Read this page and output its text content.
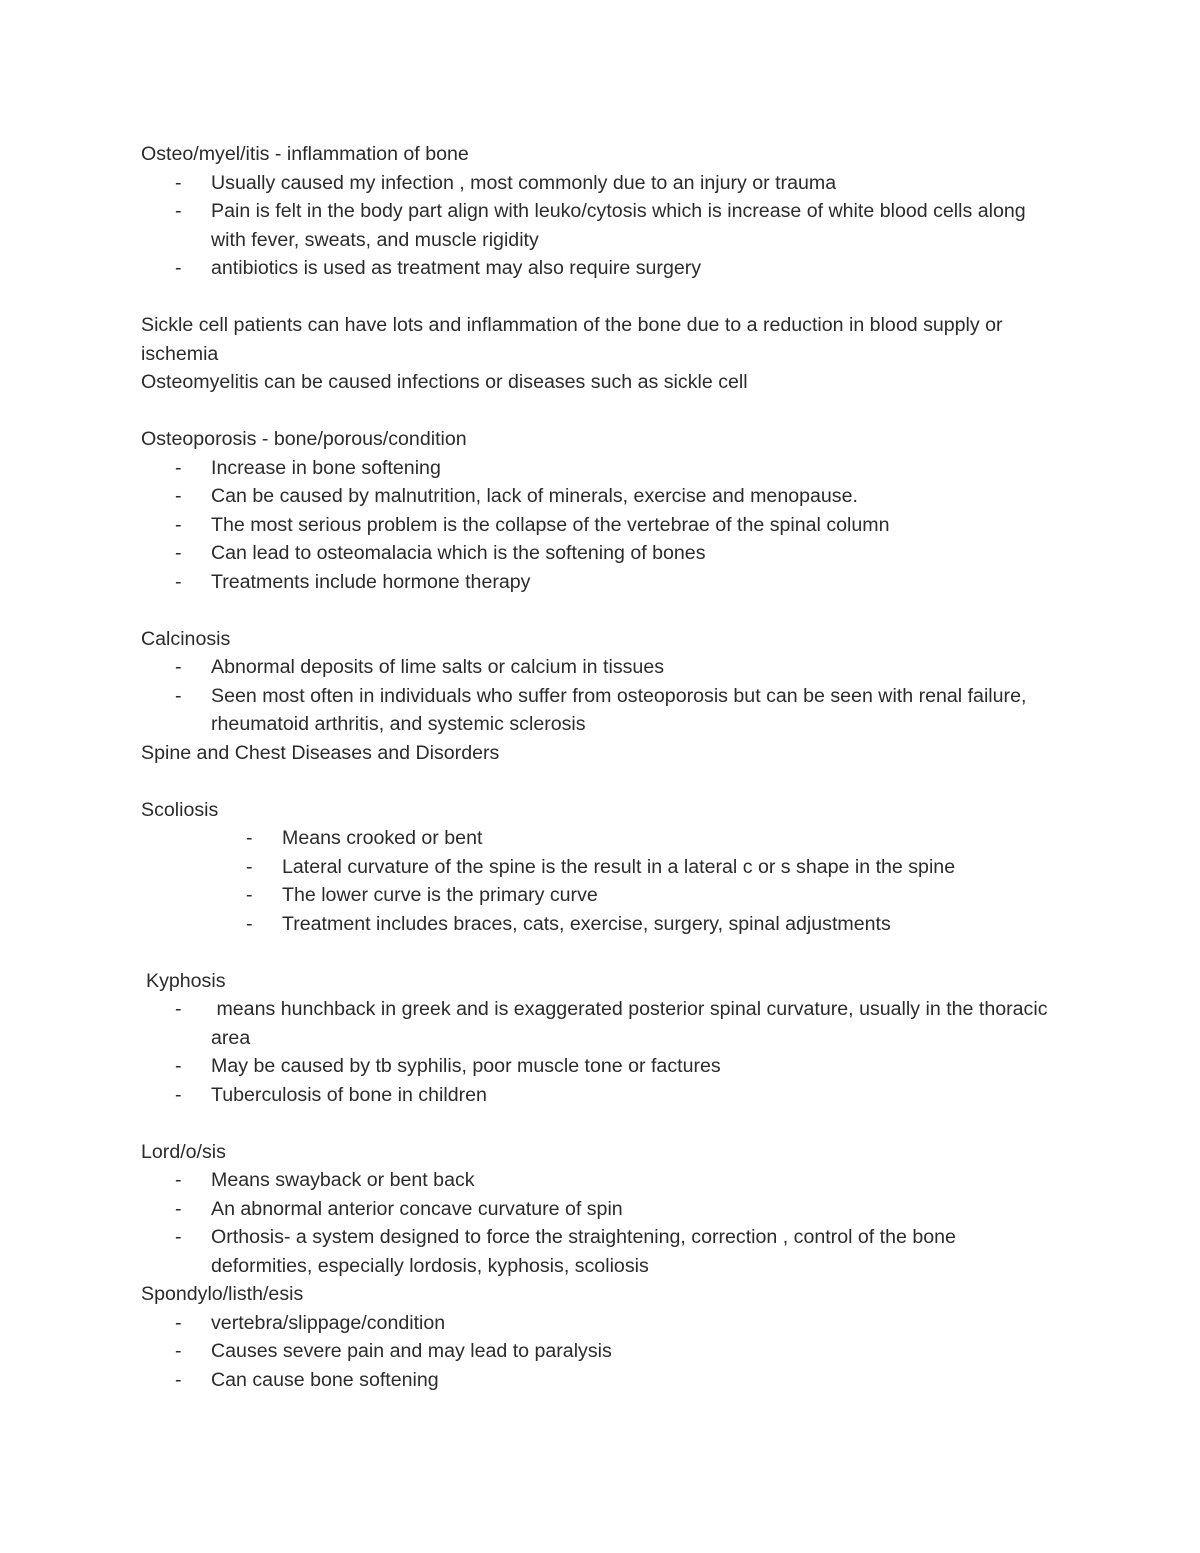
Osteo/myel/itis - inflammation of bone

- Usually caused my infection , most commonly due to an injury or trauma
- Pain is felt in the body part align with leuko/cytosis which is increase of white blood cells along with fever, sweats, and muscle rigidity
- antibiotics is used as treatment may also require surgery

Sickle cell patients can have lots and inflammation of the bone due to a reduction in blood supply or ischemia

Osteomyelitis can be caused infections or diseases such as sickle cell

Osteoporosis - bone/porous/condition

- Increase in bone softening
- Can be caused by malnutrition, lack of minerals, exercise and menopause.
- The most serious problem is the collapse of the vertebrae of the spinal column
- Can lead to osteomalacia which is the softening of bones
- Treatments include hormone therapy

Calcinosis

- Abnormal deposits of lime salts or calcium in tissues
- Seen most often in individuals who suffer from osteoporosis but can be seen with renal failure, rheumatoid arthritis, and systemic sclerosis

Spine and Chest Diseases and Disorders

Scoliosis

- Means crooked or bent
- Lateral curvature of the spine is the result in a lateral c or s shape in the spine
- The lower curve is the primary curve
- Treatment includes braces, cats, exercise, surgery, spinal adjustments

Kyphosis

- means hunchback in greek and is exaggerated posterior spinal curvature, usually in the thoracic area
- May be caused by tb syphilis, poor muscle tone or factures
- Tuberculosis of bone in children

Lord/o/sis

- Means swayback or bent back
- An abnormal anterior concave curvature of spin
- Orthosis- a system designed to force the straightening, correction , control of the bone deformities, especially lordosis, kyphosis, scoliosis

Spondylo/listh/esis

- vertebra/slippage/condition
- Causes severe pain and may lead to paralysis
- Can cause bone softening
